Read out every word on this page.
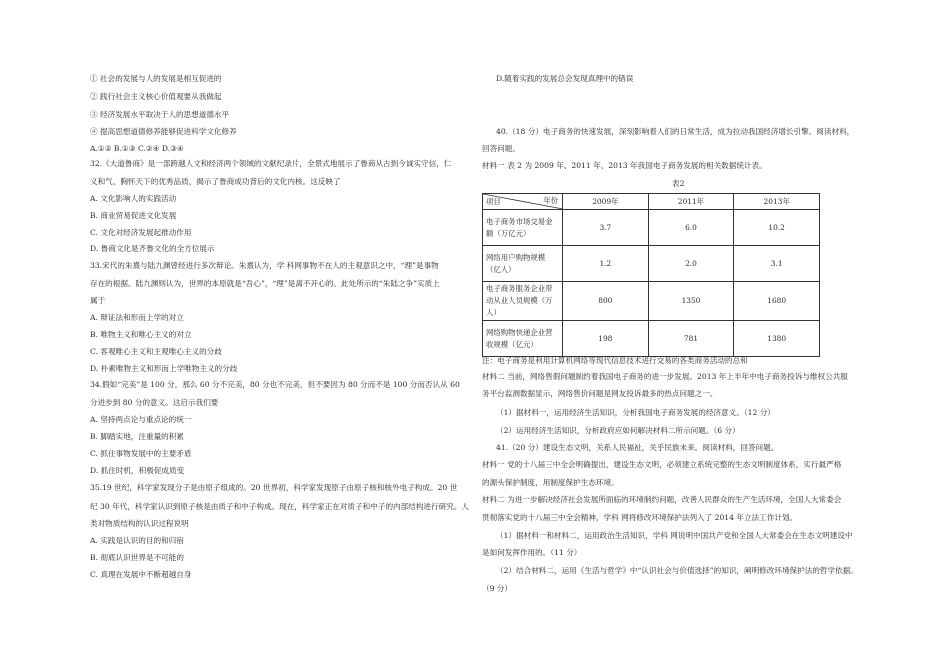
① 社会的发展与人的发展是相互促进的
② 践行社会主义核心价值观要从我做起
③ 经济发展水平取决于人的思想道德水平
④ 提高思想道德修养能够促进科学文化修养
A.①② B.①③ C.②④ D.③④
32.《大道鲁商》是一部跨越人文和经济两个领域的文献纪录片，全景式地展示了鲁商从古到今诚实守信，仁
义和气、胸怀天下的优秀品质，揭示了鲁商成功背后的文化内核。这反映了
A. 文化影响人的实践活动
B. 商业贸易促进文化发展
C. 文化对经济发展起推动作用
D. 鲁商文化是齐鲁文化的全方位展示
33.宋代的朱熹与陆九渊曾经进行多次辩论。朱熹认为，学 科网事物不在人的主观意识之中，“理”是事物
存在的根据。陆九渊则认为，世界的本原就是“吾心”，“理”是离不开心的。此处所示的“朱陆之争”实质上
属于
A. 辩证法和形而上学的对立
B. 唯物主义和唯心主义的对立
C. 客观唯心主义和主观唯心主义的分歧
D. 朴素唯物主义和形而上学唯物主义的分歧
34.假如“完美”是 100 分，那么 60 分不完美，80 分也不完美，但不要因为 80 分而不是 100 分而否认从 60
分进步到 80 分的意义。这启示我们要
A. 坚持两点论与重点论的统一
B. 脚踏实地，注重量的积累
C. 抓住事物发展中的主要矛盾
D. 抓住时机，积极促成质变
35.19 世纪，科学家发现分子是由原子组成的。20 世界初，科学家发现原子由原子核和核外电子构成。20 世
纪 30 年代，科学家认识到原子核是由质子和中子构成。现在，科学家正在对质子和中子的内部结构进行研究。人
类对物质结构的认识过程说明
A. 实践是认识的目的和归宿
B. 彻底认识世界是不可能的
C. 真理在发展中不断超越自身
D.随着实践的发展总会发现真理中的错误
40.（18 分）电子商务的快速发展，深刻影响着人们的日常生活，成为拉动我国经济增长引擎。阅读材料，
回答问题。
材料一 表 2 为 2009 年、2011 年、2013 年我国电子商务发展的相关数据统计表。
表2
项目 年份	2009年	2011年	2013年
电子商务市场交易金额（万亿元）	3.7	6.0	10.2
网络用户购物规模（亿人）	1.2	2.0	3.1
电子商务服务企业带动从业人员规模（万人）	800	1350	1680
网络购物快递企业营收规模（亿元）	198	781	1380
注：电子商务是利用计算机网络等现代信息技术进行交易的各类商务活动的总和
材料二 当前，网络售假问题制约着我国电子商务的进一步发展。2013 年上半年中电子商务投诉与维权公共服
务平台监测数据显示，网络售价问题是网友投诉最多的热点问题之一。
（1）据材料一，运用经济生活知识，分析我国电子商务发展的经济意义。（12 分）
（2）运用经济生活知识，分析政府应如何解决材料二所示问题。（6 分）
41.（20 分）建设生态文明，关系人民福祉，关乎民族未来。阅读材料，回答问题。
材料一 党的十八届三中全会明确提出，建设生态文明，必须建立系统完整的生态文明制度体系，实行最严格
的源头保护制度，用制度保护生态环境。
材料二 为进一步解决经济社会发展所面临的环境制约问题，改善人民群众的生产生活环境，全国人大常委会
贯彻落实党的十八届三中全会精神，学科 网将修改环境保护法列入了 2014 年立法工作计划。
（1）据材料一和材料二，运用政治生活知识，学科 网说明中国共产党和全国人大常委会在生态文明建设中
是如何发挥作用的。（11 分）
（2）结合材料二，运用《生活与哲学》中“认识社会与价值选择”的知识，阐明修改环境保护法的哲学依据。
（9 分）
